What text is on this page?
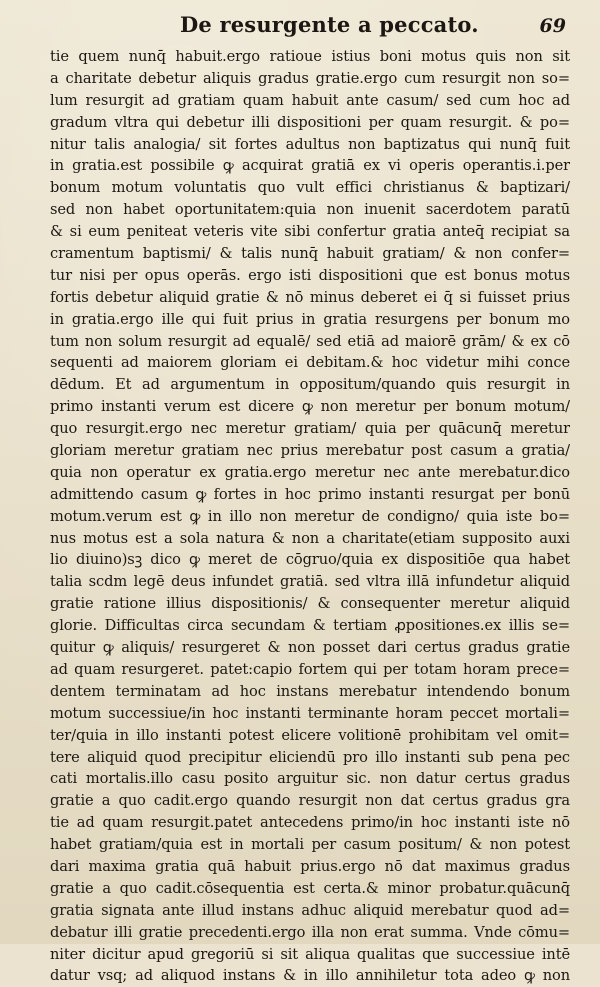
De resurgente a peccato.	69
tie quem nunq̄ habuit.ergo ratioue istius boni motus quis non sit
a charitate debetur aliquis gradus gratie.ergo cum resurgit non so=
lum resurgit ad gratiam quam habuit ante casum/ sed cum hoc ad
gradum vltra qui debetur illi dispositioni per quam resurgit. & po=
nitur talis analogia/ sit fortes adultus non baptizatus qui nunq̄ fuit
in gratia.est possibile ꝙ acquirat gratiā ex vi operis operantis.i.per
bonum motum voluntatis quo vult effici christianus & baptizari/
sed non habet oportunitatem:quia non inuenit sacerdotem paratū
& si eum peniteat veteris vite sibi confertur gratia anteq̄ recipiat sa
cramentum baptismi/ & talis nunq̄ habuit gratiam/ & non confer=
tur nisi per opus operās. ergo isti dispositioni que est bonus motus
fortis debetur aliquid gratie & nō minus deberet ei q̄ si fuisset prius
in gratia.ergo ille qui fuit prius in gratia resurgens per bonum mo
tum non solum resurgit ad equalē/ sed etiā ad maiorē grām/ & ex cō
sequenti ad maiorem gloriam ei debitam.& hoc videtur mihi conce
dēdum. Et ad argumentum in oppositum/quando quis resurgit in
primo instanti verum est dicere ꝙ non meretur per bonum motum/
quo resurgit.ergo nec meretur gratiam/ quia per quācunq̄ meretur
gloriam meretur gratiam nec prius merebatur post casum a gratia/
quia non operatur ex gratia.ergo meretur nec ante merebatur.dico
admittendo casum ꝙ fortes in hoc primo instanti resurgat per bonū
motum.verum est ꝙ in illo non meretur de condigno/ quia iste bo=
nus motus est a sola natura & non a charitate(etiam supposito auxi
lio diuino)sꝫ dico ꝙ meret de cōgruo/quia ex dispositiōe qua habet
talia scdm legē deus infundet gratiā. sed vltra illā infundetur aliquid
gratie ratione illius dispositionis/ & consequenter meretur aliquid
glorie. Difficultas circa secundam & tertiam ꝓpositiones.ex illis se=
quitur ꝙ aliquis/ resurgeret & non posset dari certus gradus gratie
ad quam resurgeret. patet:capio fortem qui per totam horam prece=
dentem terminatam ad hoc instans merebatur intendendo bonum
motum successiue/in hoc instanti terminante horam peccet mortali=
ter/quia in illo instanti potest elicere volitionē prohibitam vel omit=
tere aliquid quod precipitur eliciendū pro illo instanti sub pena pec
cati mortalis.illo casu posito arguitur sic. non datur certus gradus
gratie a quo cadit.ergo quando resurgit non dat certus gradus gra
tie ad quam resurgit.patet antecedens primo/in hoc instanti iste nō
habet gratiam/quia est in mortali per casum positum/ & non potest
dari maxima gratia quā habuit prius.ergo nō dat maximus gradus
gratie a quo cadit.cōsequentia est certa.& minor probatur.quācunq̄
gratia signata ante illud instans adhuc aliquid merebatur quod ad=
debatur illi gratie precedenti.ergo illa non erat summa. Vnde cōmu=
niter dicitur apud gregoriū si sit aliqua qualitas que successiue intē
datur vsq; ad aliquod instans & in illo annihiletur tota adeo ꝙ non
